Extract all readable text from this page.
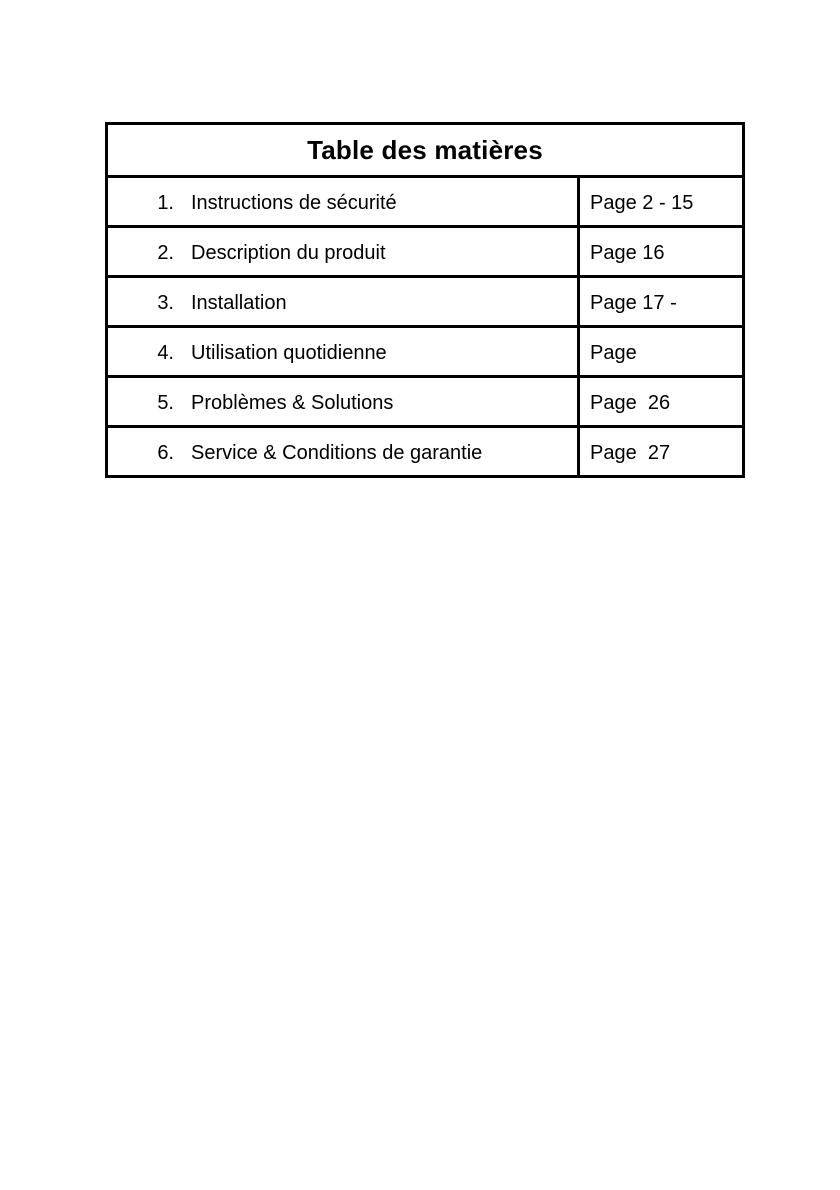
Table des matières
1. Instructions de sécurité	Page 2 - 15
2. Description du produit	Page 16
3. Installation	Page 17 -
4. Utilisation quotidienne	Page
5. Problèmes & Solutions	Page  26
6. Service & Conditions de garantie	Page  27
